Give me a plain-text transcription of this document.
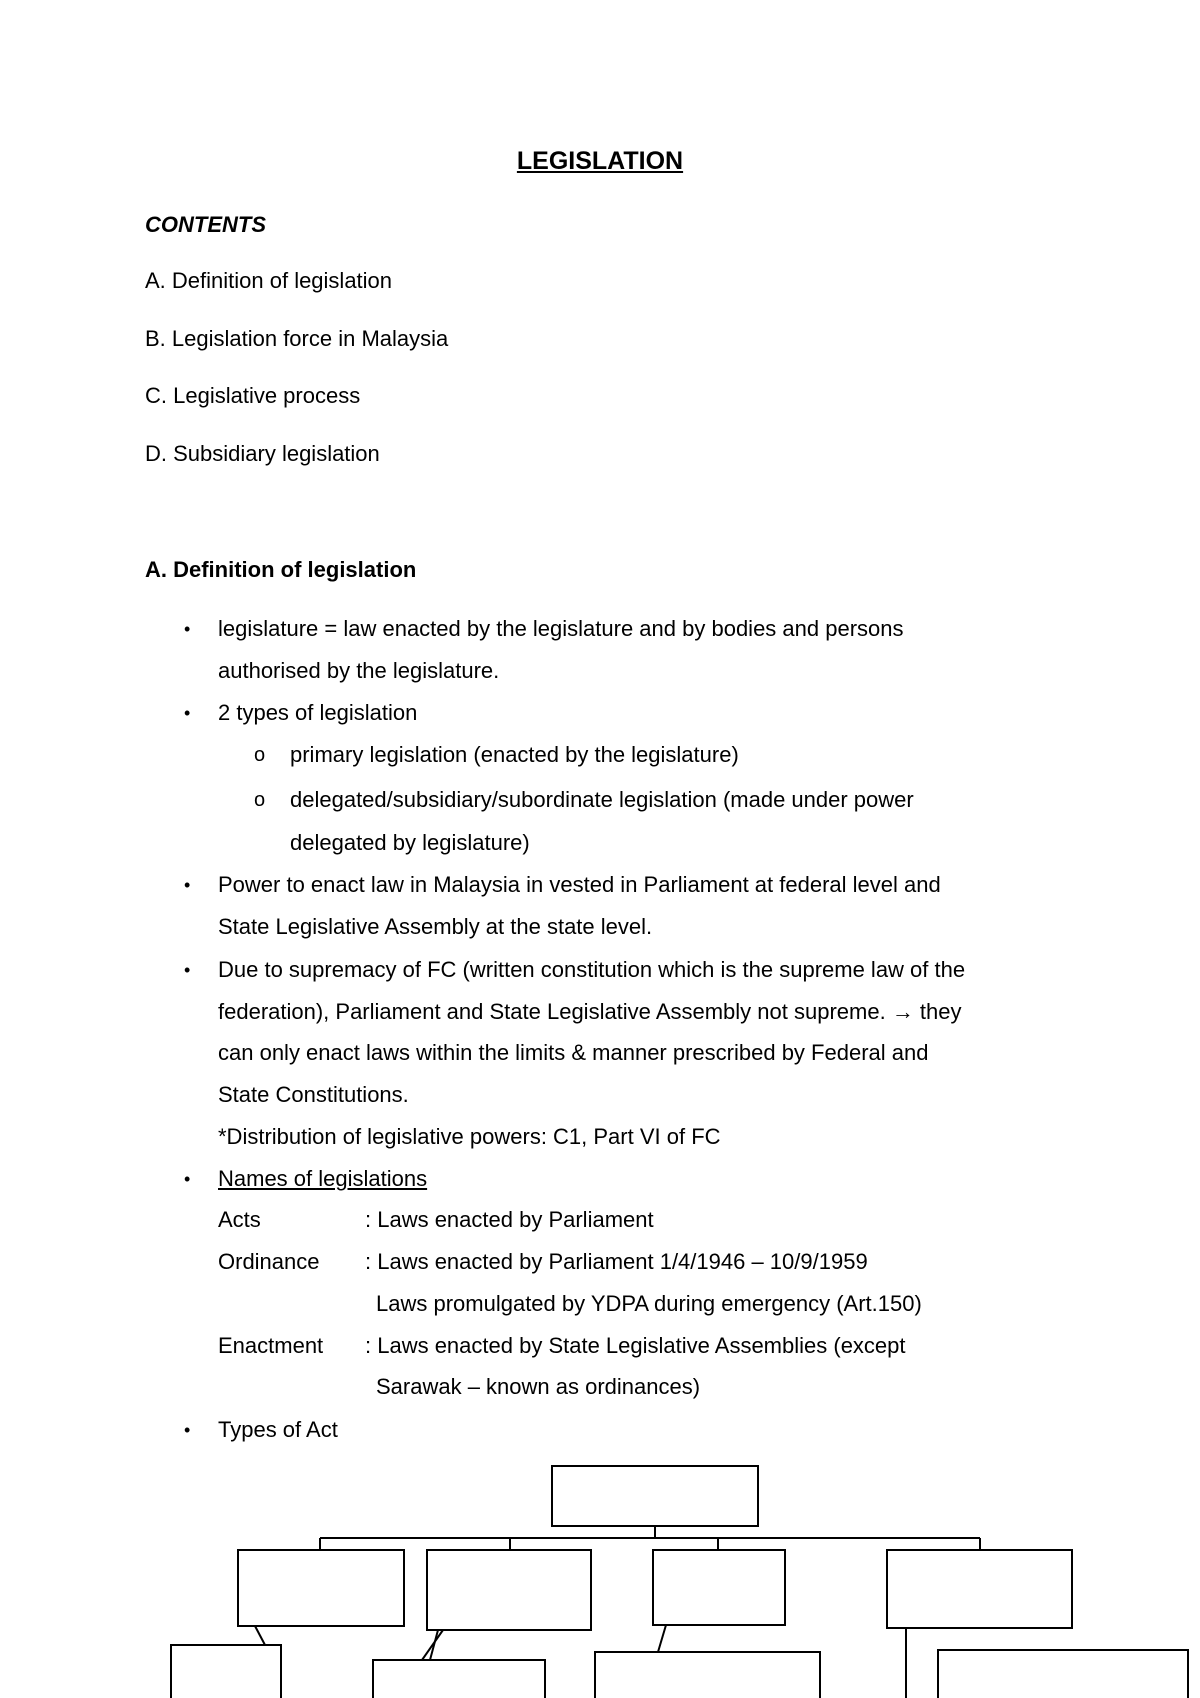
LEGISLATION
CONTENTS
A. Definition of legislation
B. Legislation force in Malaysia
C. Legislative process
D. Subsidiary legislation
A. Definition of legislation
• legislature = law enacted by the legislature and by bodies and persons
authorised by the legislature.
• 2 types of legislation
o primary legislation (enacted by the legislature)
o delegated/subsidiary/subordinate legislation (made under power
delegated by legislature)
• Power to enact law in Malaysia in vested in Parliament at federal level and
State Legislative Assembly at the state level.
• Due to supremacy of FC (written constitution which is the supreme law of the
federation), Parliament and State Legislative Assembly not supreme. → they
can only enact laws within the limits & manner prescribed by Federal and
State Constitutions.
*Distribution of legislative powers: C1, Part VI of FC
• Names of legislations
Acts	: Laws enacted by Parliament
Ordinance : Laws enacted by Parliament 1/4/1946 – 10/9/1959
Laws promulgated by YDPA during emergency (Art.150)
Enactment : Laws enacted by State Legislative Assemblies (except
Sarawak – known as ordinances)
• Types of Act
